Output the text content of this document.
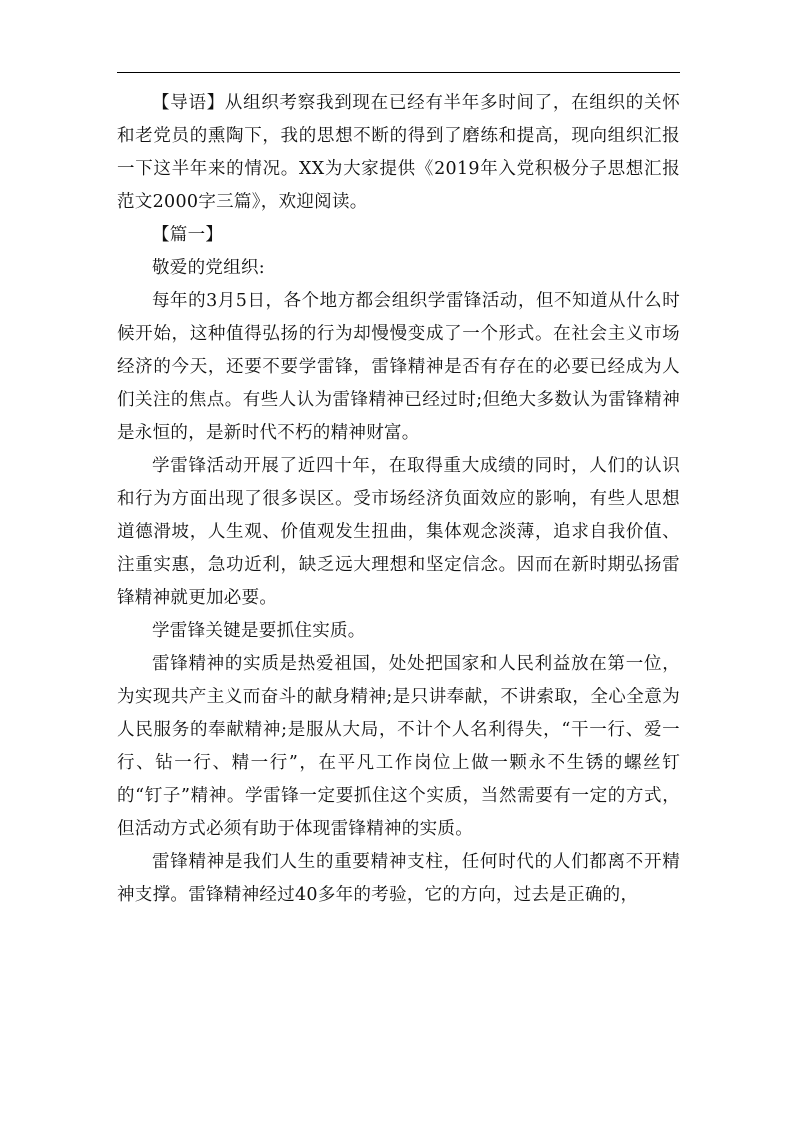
【导语】从组织考察我到现在已经有半年多时间了，在组织的关怀和老党员的熏陶下，我的思想不断的得到了磨练和提高，现向组织汇报一下这半年来的情况。XX为大家提供《2019年入党积极分子思想汇报范文2000字三篇》，欢迎阅读。

【篇一】

敬爱的党组织:

每年的3月5日，各个地方都会组织学雷锋活动，但不知道从什么时候开始，这种值得弘扬的行为却慢慢变成了一个形式。在社会主义市场经济的今天，还要不要学雷锋，雷锋精神是否有存在的必要已经成为人们关注的焦点。有些人认为雷锋精神已经过时;但绝大多数认为雷锋精神是永恒的，是新时代不朽的精神财富。

学雷锋活动开展了近四十年，在取得重大成绩的同时，人们的认识和行为方面出现了很多误区。受市场经济负面效应的影响，有些人思想道德滑坡，人生观、价值观发生扭曲，集体观念淡薄，追求自我价值、注重实惠，急功近利，缺乏远大理想和坚定信念。因而在新时期弘扬雷锋精神就更加必要。

学雷锋关键是要抓住实质。

雷锋精神的实质是热爱祖国，处处把国家和人民利益放在第一位，为实现共产主义而奋斗的献身精神;是只讲奉献，不讲索取，全心全意为人民服务的奉献精神;是服从大局，不计个人名利得失，“干一行、爱一行、钻一行、精一行”，在平凡工作岗位上做一颗永不生锈的螺丝钉的“钉子”精神。学雷锋一定要抓住这个实质，当然需要有一定的方式，但活动方式必须有助于体现雷锋精神的实质。

雷锋精神是我们人生的重要精神支柱，任何时代的人们都离不开精神支撑。雷锋精神经过40多年的考验，它的方向，过去是正确的，
